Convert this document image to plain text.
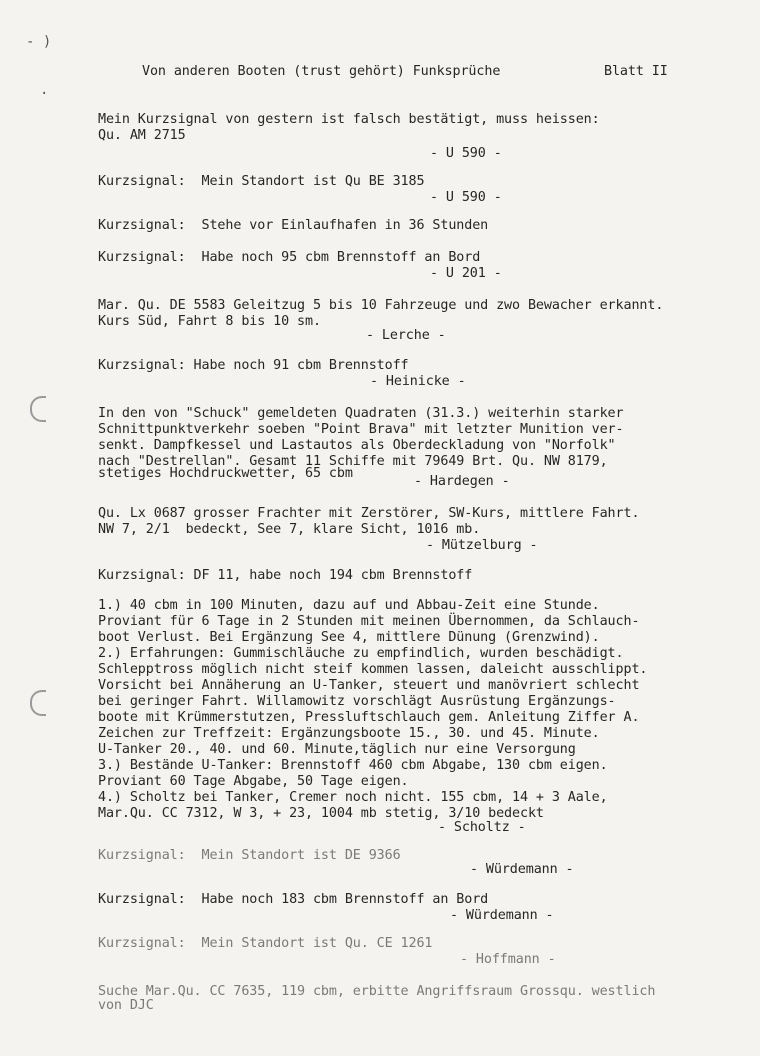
- )
·
Von anderen Booten (trust gehört) Funksprüche	Blatt II
Mein Kurzsignal von gestern ist falsch bestätigt, muss heissen:
Qu. AM 2715
- U 590 -
Kurzsignal:  Mein Standort ist Qu BE 3185
- U 590 -
Kurzsignal:  Stehe vor Einlaufhafen in 36 Stunden
Kurzsignal:  Habe noch 95 cbm Brennstoff an Bord
- U 201 -
Mar. Qu. DE 5583 Geleitzug 5 bis 10 Fahrzeuge und zwo Bewacher erkannt.
Kurs Süd, Fahrt 8 bis 10 sm.
- Lerche -
Kurzsignal: Habe noch 91 cbm Brennstoff
- Heinicke -
In den von "Schuck" gemeldeten Quadraten (31.3.) weiterhin starker
Schnittpunktverkehr soeben "Point Brava" mit letzter Munition ver-
senkt. Dampfkessel und Lastautos als Oberdeckladung von "Norfolk"
nach "Destrellan". Gesamt 11 Schiffe mit 79649 Brt. Qu. NW 8179,
stetiges Hochdruckwetter, 65 cbm
- Hardegen -
Qu. Lx 0687 grosser Frachter mit Zerstörer, SW-Kurs, mittlere Fahrt.
NW 7, 2/1  bedeckt, See 7, klare Sicht, 1016 mb.
- Mützelburg -
Kurzsignal: DF 11, habe noch 194 cbm Brennstoff
1.) 40 cbm in 100 Minuten, dazu auf und Abbau-Zeit eine Stunde.
Proviant für 6 Tage in 2 Stunden mit meinen Übernommen, da Schlauch-
boot Verlust. Bei Ergänzung See 4, mittlere Dünung (Grenzwind).
2.) Erfahrungen: Gummischläuche zu empfindlich, wurden beschädigt.
Schlepptross möglich nicht steif kommen lassen, daleicht ausschlippt.
Vorsicht bei Annäherung an U-Tanker, steuert und manövriert schlecht
bei geringer Fahrt. Willamowitz vorschlägt Ausrüstung Ergänzungs-
boote mit Krümmerstutzen, Pressluftschlauch gem. Anleitung Ziffer A.
Zeichen zur Treffzeit: Ergänzungsboote 15., 30. und 45. Minute.
U-Tanker 20., 40. und 60. Minute,täglich nur eine Versorgung
3.) Bestände U-Tanker: Brennstoff 460 cbm Abgabe, 130 cbm eigen.
Proviant 60 Tage Abgabe, 50 Tage eigen.
4.) Scholtz bei Tanker, Cremer noch nicht. 155 cbm, 14 + 3 Aale,
Mar.Qu. CC 7312, W 3, + 23, 1004 mb stetig, 3/10 bedeckt
- Scholtz -
Kurzsignal:  Mein Standort ist DE 9366
- Würdemann -
Kurzsignal:  Habe noch 183 cbm Brennstoff an Bord
- Würdemann -
Kurzsignal:  Mein Standort ist Qu. CE 1261
- Hoffmann -
Suche Mar.Qu. CC 7635, 119 cbm, erbitte Angriffsraum Grossqu. westlich
von DJC
